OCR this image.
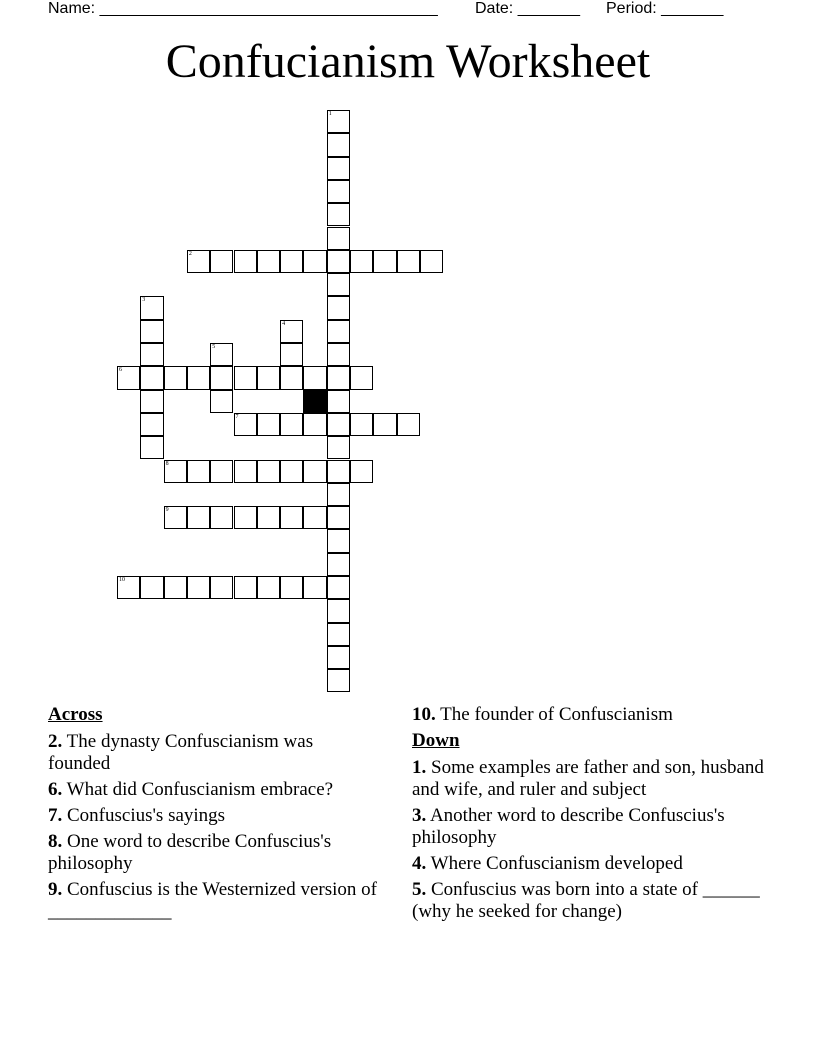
Name: ______________________________________

Date: _______

Period: _______

Confucianism Worksheet
1
2
3
4
5
6
7
8
9
10
Across
2. The dynasty Confuscianism was founded
6. What did Confuscianism embrace?
7. Confuscius's sayings
8. One word to describe Confuscius's philosophy
9. Confuscius is the Westernized version of _____________
10. The founder of Confuscianism
Down
1. Some examples are father and son, husband and wife, and ruler and subject
3. Another word to describe Confuscius's philosophy
4. Where Confuscianism developed
5. Confuscius was born into a state of ______ (why he seeked for change)
